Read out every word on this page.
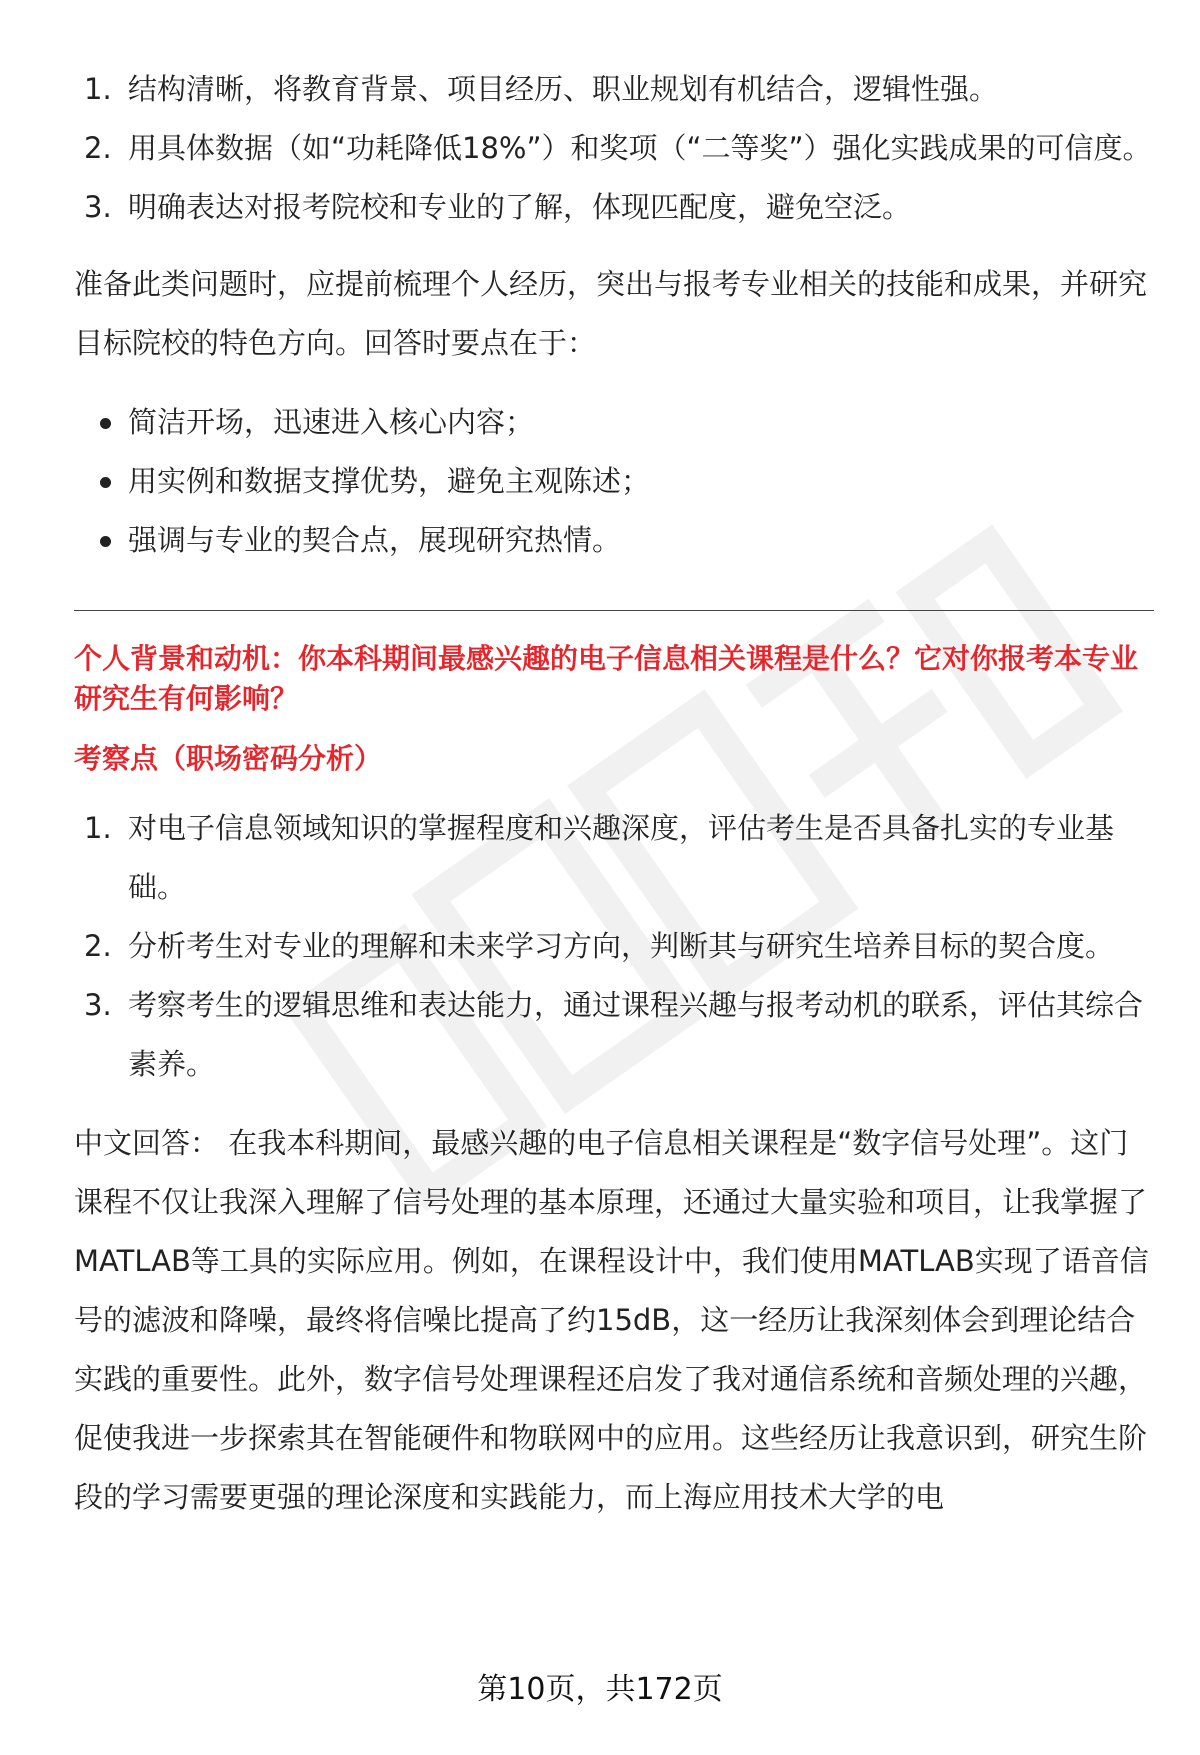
1. 结构清晰，将教育背景、项目经历、职业规划有机结合，逻辑性强。
2. 用具体数据（如“功耗降低18%”）和奖项（“二等奖”）强化实践成果的可信度。
3. 明确表达对报考院校和专业的了解，体现匹配度，避免空泛。

准备此类问题时，应提前梳理个人经历，突出与报考专业相关的技能和成果，并研究目标院校的特色方向。回答时要点在于：

简洁开场，迅速进入核心内容；
用实例和数据支撑优势，避免主观陈述；
强调与专业的契合点，展现研究热情。

个人背景和动机：你本科期间最感兴趣的电子信息相关课程是什么？它对你报考本专业研究生有何影响？

考察点（职场密码分析）

1. 对电子信息领域知识的掌握程度和兴趣深度，评估考生是否具备扎实的专业基础。
2. 分析考生对专业的理解和未来学习方向，判断其与研究生培养目标的契合度。
3. 考察考生的逻辑思维和表达能力，通过课程兴趣与报考动机的联系，评估其综合素养。

中文回答： 在我本科期间，最感兴趣的电子信息相关课程是“数字信号处理”。这门课程不仅让我深入理解了信号处理的基本原理，还通过大量实验和项目，让我掌握了MATLAB等工具的实际应用。例如，在课程设计中，我们使用MATLAB实现了语音信号的滤波和降噪，最终将信噪比提高了约15dB，这一经历让我深刻体会到理论结合实践的重要性。此外，数字信号处理课程还启发了我对通信系统和音频处理的兴趣，促使我进一步探索其在智能硬件和物联网中的应用。这些经历让我意识到，研究生阶段的学习需要更强的理论深度和实践能力，而上海应用技术大学的电

第10页，共172页
